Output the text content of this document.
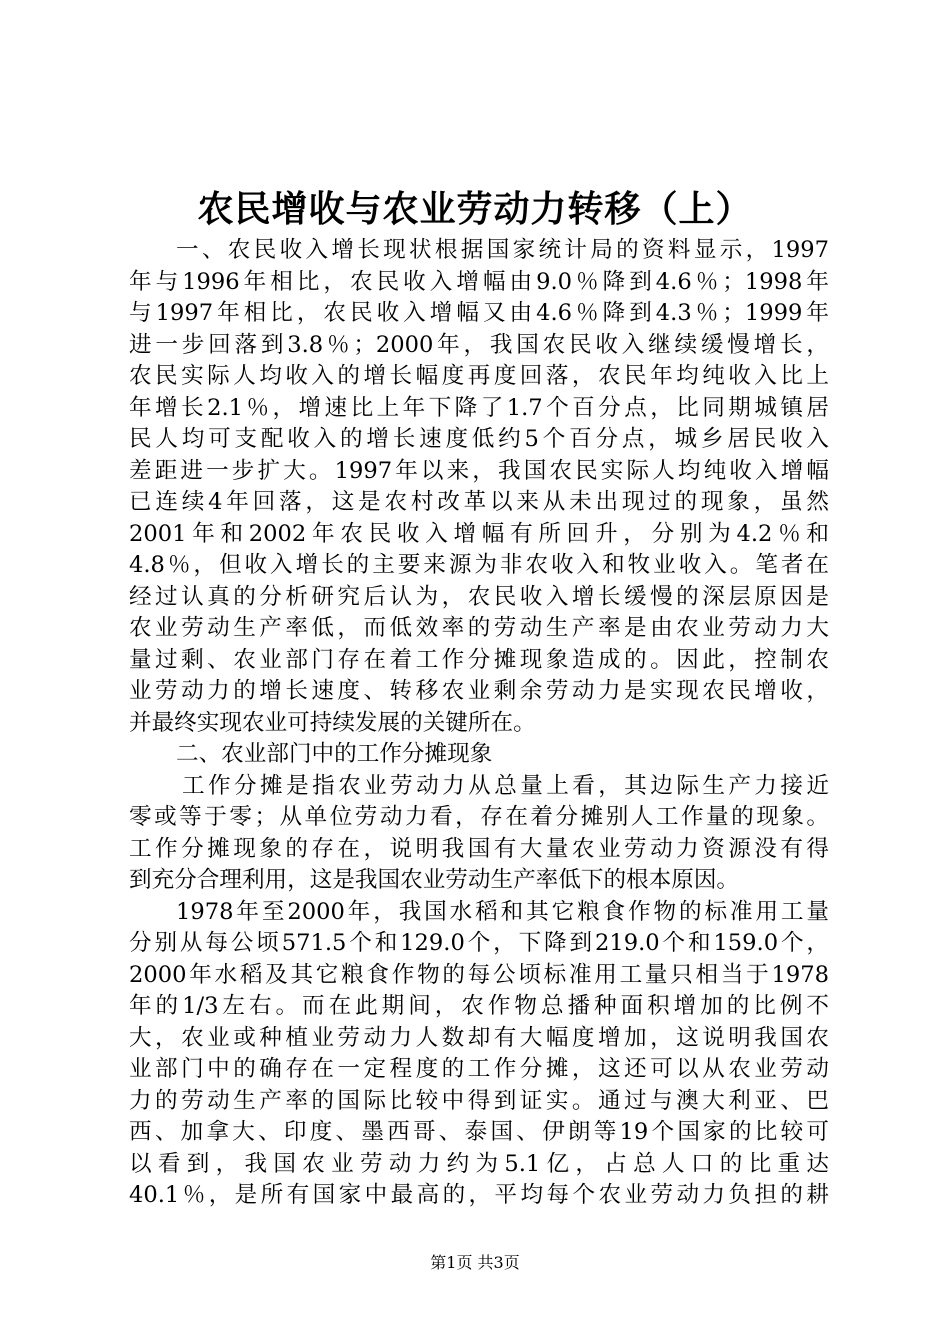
农民增收与农业劳动力转移（上）
一、农民收入增长现状根据国家统计局的资料显示，1997
年与1996年相比，农民收入增幅由9.0％降到4.6％；1998年
与1997年相比，农民收入增幅又由4.6％降到4.3％；1999年
进一步回落到3.8％；2000年，我国农民收入继续缓慢增长，
农民实际人均收入的增长幅度再度回落，农民年均纯收入比上
年增长2.1％，增速比上年下降了1.7个百分点，比同期城镇居
民人均可支配收入的增长速度低约5个百分点，城乡居民收入
差距进一步扩大。1997年以来，我国农民实际人均纯收入增幅
已连续4年回落，这是农村改革以来从未出现过的现象，虽然
2001年和2002年农民收入增幅有所回升，分别为4.2％和
4.8％，但收入增长的主要来源为非农收入和牧业收入。笔者在
经过认真的分析研究后认为，农民收入增长缓慢的深层原因是
农业劳动生产率低，而低效率的劳动生产率是由农业劳动力大
量过剩、农业部门存在着工作分摊现象造成的。因此，控制农
业劳动力的增长速度、转移农业剩余劳动力是实现农民增收，
并最终实现农业可持续发展的关键所在。
二、农业部门中的工作分摊现象
工作分摊是指农业劳动力从总量上看，其边际生产力接近
零或等于零；从单位劳动力看，存在着分摊别人工作量的现象。
工作分摊现象的存在，说明我国有大量农业劳动力资源没有得
到充分合理利用，这是我国农业劳动生产率低下的根本原因。
1978年至2000年，我国水稻和其它粮食作物的标准用工量
分别从每公顷571.5个和129.0个，下降到219.0个和159.0个，
2000年水稻及其它粮食作物的每公顷标准用工量只相当于1978
年的1/3左右。而在此期间，农作物总播种面积增加的比例不
大，农业或种植业劳动力人数却有大幅度增加，这说明我国农
业部门中的确存在一定程度的工作分摊，这还可以从农业劳动
力的劳动生产率的国际比较中得到证实。通过与澳大利亚、巴
西、加拿大、印度、墨西哥、泰国、伊朗等19个国家的比较可
以看到，我国农业劳动力约为5.1亿，占总人口的比重达
40.1％，是所有国家中最高的，平均每个农业劳动力负担的耕
第1页 共3页
